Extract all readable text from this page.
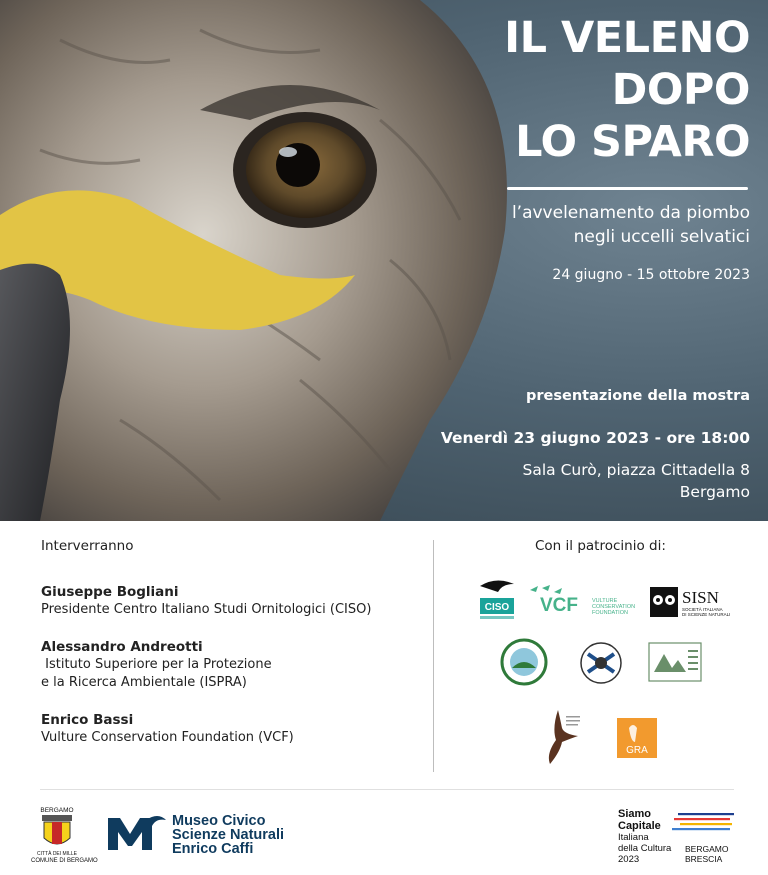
IL VELENO
DOPO
LO SPARO
l’avvelenamento da piombo
negli uccelli selvatici
24 giugno - 15 ottobre 2023
presentazione della mostra
Venerdì 23 giugno 2023 - ore 18:00
Sala Curò, piazza Cittadella 8
Bergamo
Interverranno
Giuseppe Bogliani
Presidente Centro Italiano Studi Ornitologici (CISO)
Alessandro Andreotti
Istituto Superiore per la Protezione
e la Ricerca Ambientale (ISPRA)
Enrico Bassi
Vulture Conservation Foundation (VCF)
Con il patrocinio di:
CISO VCF	VULTURE
CONSERVATION
FOUNDATION
SISN
SOCIETÀ ITALIANA
DI SCIENZE NATURALI
GRA
BERGAMO
CITTÀ DEI MILLE
COMUNE DI BERGAMO
Museo Civico
Scienze Naturali
Enrico Caffi
Siamo
Capitale
Italiana
della Cultura
2023
BERGAMO
BRESCIA
